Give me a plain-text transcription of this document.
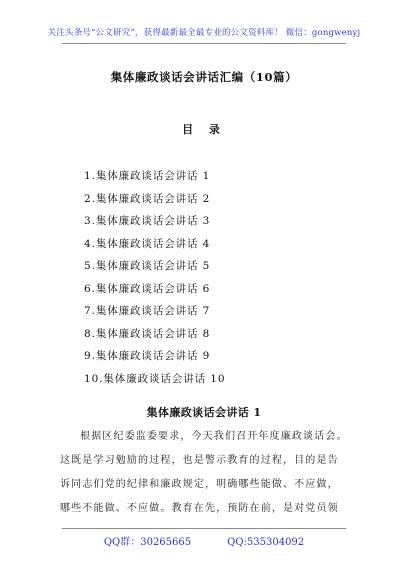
关注头条号“公文研究”，获得最新最全最专业的公文资料库！ 微信：gongwenyj
集体廉政谈话会讲话汇编（10篇）
目 录
1.集体廉政谈话会讲话 1
2.集体廉政谈话会讲话 2
3.集体廉政谈话会讲话 3
4.集体廉政谈话会讲话 4
5.集体廉政谈话会讲话 5
6.集体廉政谈话会讲话 6
7.集体廉政谈话会讲话 7
8.集体廉政谈话会讲话 8
9.集体廉政谈话会讲话 9
10.集体廉政谈话会讲话 10
集体廉政谈话会讲话 1

根据区纪委监委要求，今天我们召开年度廉政谈话会。

这既是学习勉励的过程，也是警示教育的过程，目的是告

诉同志们党的纪律和廉政规定，明确哪些能做、不应做，

哪些不能做、不应做。教育在先，预防在前，是对党员领

QQ群：30265665	QQ:535304092
